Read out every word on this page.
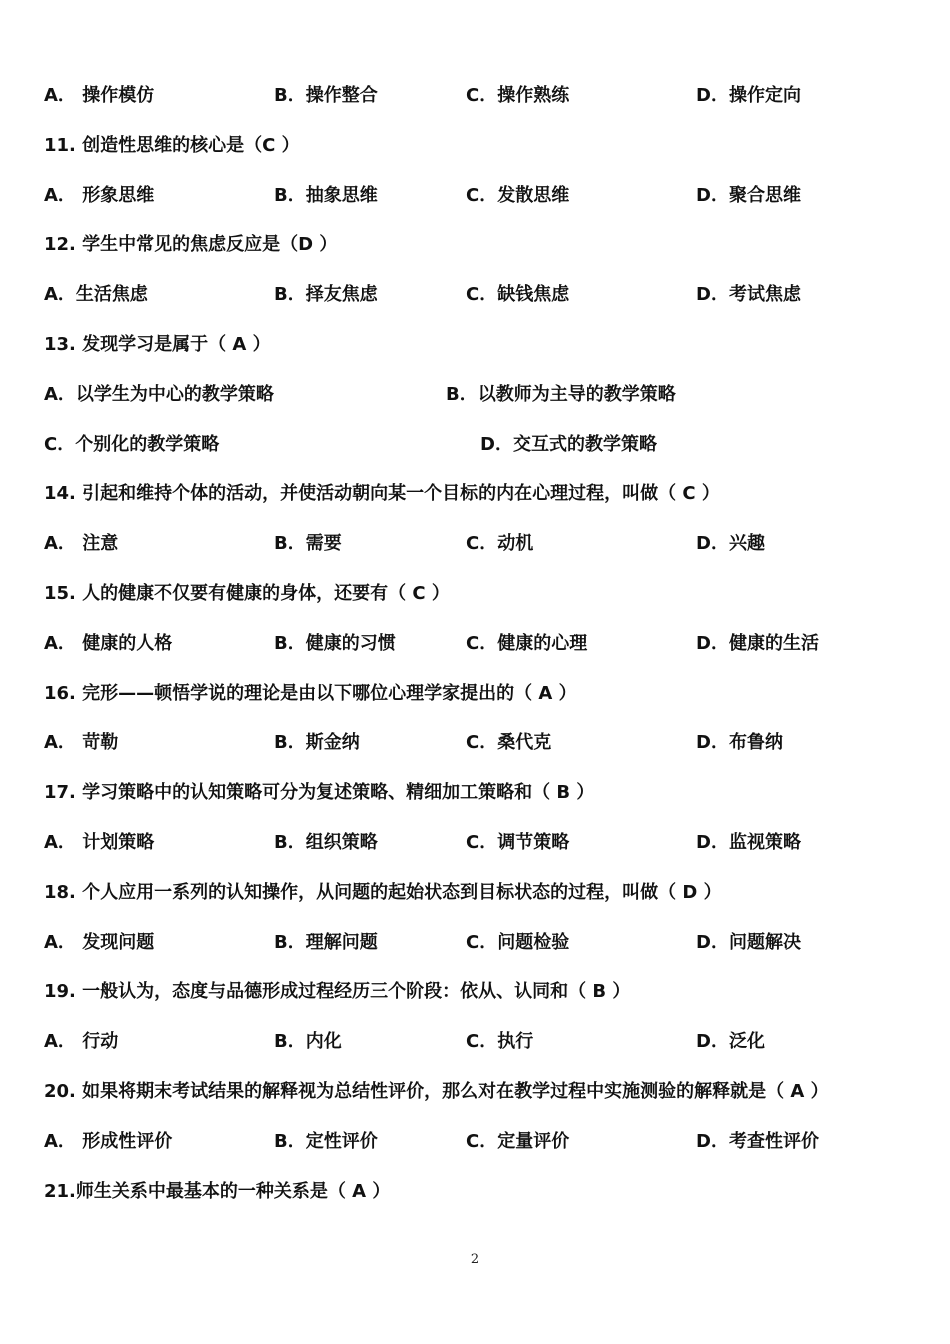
A． 操作模仿	B．操作整合	C．操作熟练	D．操作定向
11. 创造性思维的核心是（C ）
A． 形象思维	B．抽象思维	C．发散思维	D．聚合思维
12. 学生中常见的焦虑反应是（D ）
A．生活焦虑	B．择友焦虑	C．缺钱焦虑	D．考试焦虑
13. 发现学习是属于（ A ）
A．以学生为中心的教学策略	B．以教师为主导的教学策略
C．个别化的教学策略	D．交互式的教学策略
14. 引起和维持个体的活动，并使活动朝向某一个目标的内在心理过程，叫做（ C ）
A． 注意	B．需要	C．动机	D．兴趣
15. 人的健康不仅要有健康的身体，还要有（ C ）
A． 健康的人格	B．健康的习惯	C．健康的心理	D．健康的生活
16. 完形——顿悟学说的理论是由以下哪位心理学家提出的（ A ）
A． 苛勒	B．斯金纳	C．桑代克	D．布鲁纳
17. 学习策略中的认知策略可分为复述策略、精细加工策略和（ B ）
A． 计划策略	B．组织策略	C．调节策略	D．监视策略
18. 个人应用一系列的认知操作，从问题的起始状态到目标状态的过程，叫做（ D ）
A． 发现问题	B．理解问题	C．问题检验	D．问题解决
19. 一般认为，态度与品德形成过程经历三个阶段：依从、认同和（ B ）
A． 行动	B．内化	C．执行	D．泛化
20. 如果将期末考试结果的解释视为总结性评价，那么对在教学过程中实施测验的解释就是（ A ）
A． 形成性评价	B．定性评价	C．定量评价	D．考查性评价
21.师生关系中最基本的一种关系是（ A ）
2
